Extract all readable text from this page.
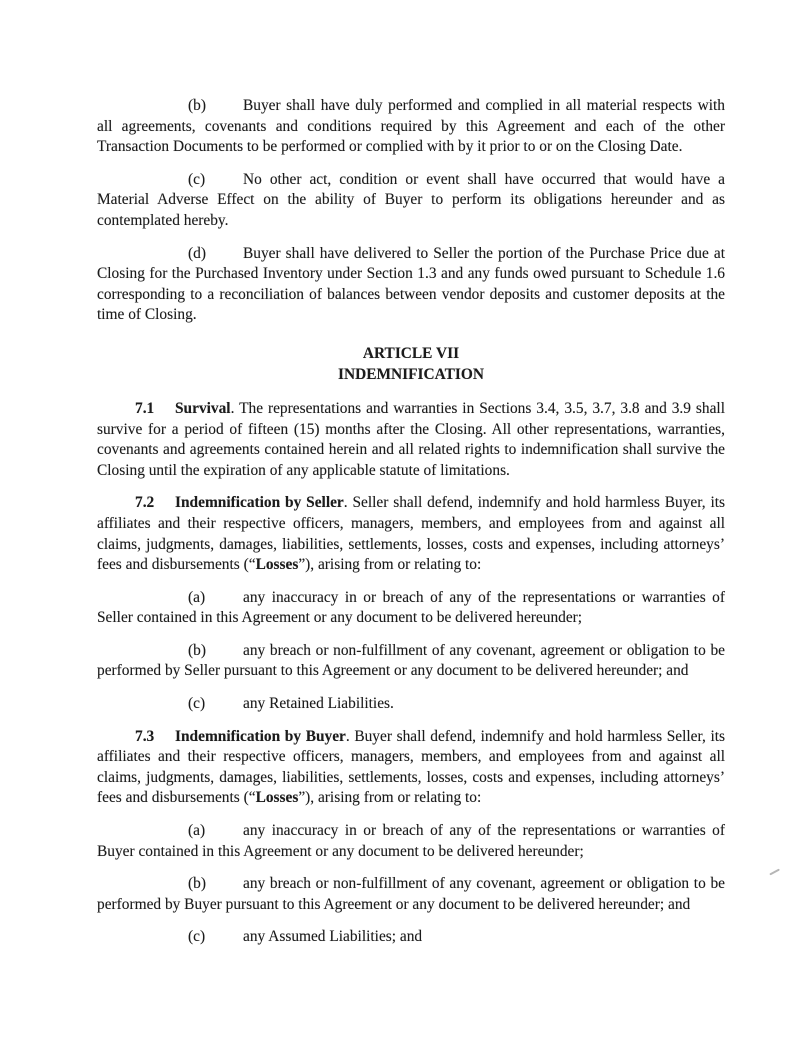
(b) Buyer shall have duly performed and complied in all material respects with all agreements, covenants and conditions required by this Agreement and each of the other Transaction Documents to be performed or complied with by it prior to or on the Closing Date.

(c) No other act, condition or event shall have occurred that would have a Material Adverse Effect on the ability of Buyer to perform its obligations hereunder and as contemplated hereby.

(d) Buyer shall have delivered to Seller the portion of the Purchase Price due at Closing for the Purchased Inventory under Section 1.3 and any funds owed pursuant to Schedule 1.6 corresponding to a reconciliation of balances between vendor deposits and customer deposits at the time of Closing.

ARTICLE VII
INDEMNIFICATION

7.1 Survival. The representations and warranties in Sections 3.4, 3.5, 3.7, 3.8 and 3.9 shall survive for a period of fifteen (15) months after the Closing. All other representations, warranties, covenants and agreements contained herein and all related rights to indemnification shall survive the Closing until the expiration of any applicable statute of limitations.

7.2 Indemnification by Seller. Seller shall defend, indemnify and hold harmless Buyer, its affiliates and their respective officers, managers, members, and employees from and against all claims, judgments, damages, liabilities, settlements, losses, costs and expenses, including attorneys’ fees and disbursements (“Losses”), arising from or relating to:

(a) any inaccuracy in or breach of any of the representations or warranties of Seller contained in this Agreement or any document to be delivered hereunder;

(b) any breach or non-fulfillment of any covenant, agreement or obligation to be performed by Seller pursuant to this Agreement or any document to be delivered hereunder; and

(c) any Retained Liabilities.

7.3 Indemnification by Buyer. Buyer shall defend, indemnify and hold harmless Seller, its affiliates and their respective officers, managers, members, and employees from and against all claims, judgments, damages, liabilities, settlements, losses, costs and expenses, including attorneys’ fees and disbursements (“Losses”), arising from or relating to:

(a) any inaccuracy in or breach of any of the representations or warranties of Buyer contained in this Agreement or any document to be delivered hereunder;

(b) any breach or non-fulfillment of any covenant, agreement or obligation to be performed by Buyer pursuant to this Agreement or any document to be delivered hereunder; and

(c) any Assumed Liabilities; and
